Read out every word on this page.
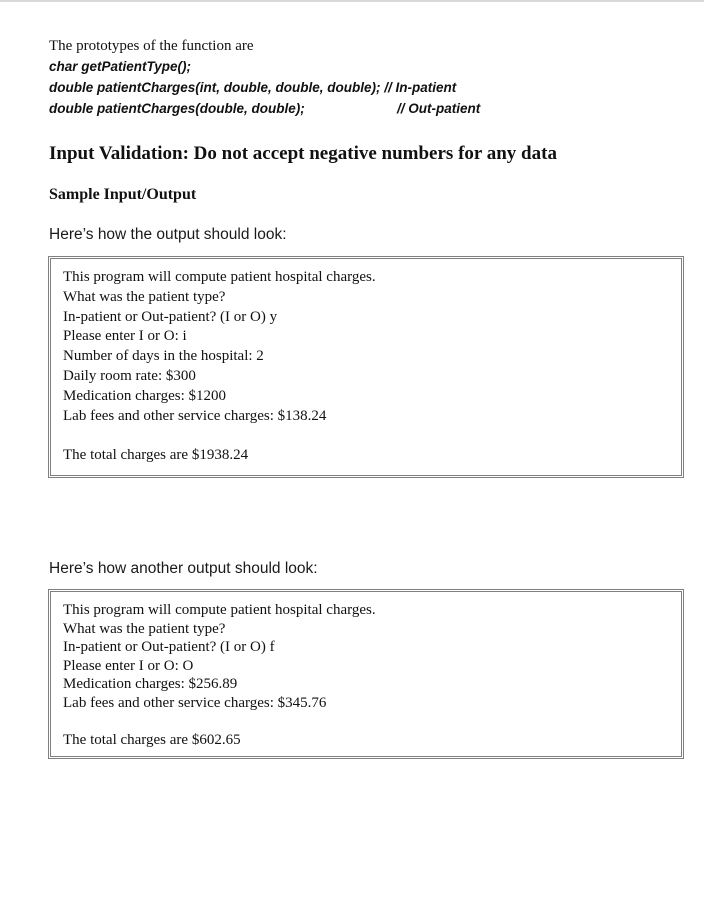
The prototypes of the function are
char getPatientType();
double patientCharges(int, double, double, double); // In-patient
double patientCharges(double, double);	// Out-patient
Input Validation: Do not accept negative numbers for any data
Sample Input/Output
Here’s how the output should look:
This program will compute patient hospital charges.
What was the patient type?
In-patient or Out-patient? (I or O) y
Please enter I or O: i
Number of days in the hospital: 2
Daily room rate: $300
Medication charges: $1200
Lab fees and other service charges: $138.24
The total charges are $1938.24
Here’s how another output should look:
This program will compute patient hospital charges.
What was the patient type?
In-patient or Out-patient? (I or O) f
Please enter I or O: O
Medication charges: $256.89
Lab fees and other service charges: $345.76
The total charges are $602.65
